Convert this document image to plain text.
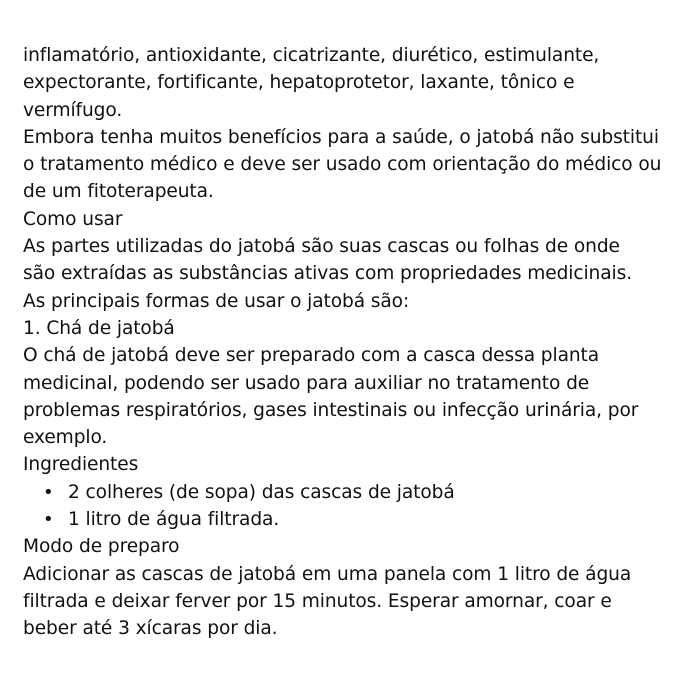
inflamatório, antioxidante, cicatrizante, diurético, estimulante,
expectorante, fortificante, hepatoprotetor, laxante, tônico e
vermífugo.
Embora tenha muitos benefícios para a saúde, o jatobá não substitui
o tratamento médico e deve ser usado com orientação do médico ou
de um fitoterapeuta.
Como usar
As partes utilizadas do jatobá são suas cascas ou folhas de onde
são extraídas as substâncias ativas com propriedades medicinais.
As principais formas de usar o jatobá são:
1. Chá de jatobá
O chá de jatobá deve ser preparado com a casca dessa planta
medicinal, podendo ser usado para auxiliar no tratamento de
problemas respiratórios, gases intestinais ou infecção urinária, por
exemplo.
Ingredientes
• 2 colheres (de sopa) das cascas de jatobá
• 1 litro de água filtrada.
Modo de preparo
Adicionar as cascas de jatobá em uma panela com 1 litro de água
filtrada e deixar ferver por 15 minutos. Esperar amornar, coar e
beber até 3 xícaras por dia.
